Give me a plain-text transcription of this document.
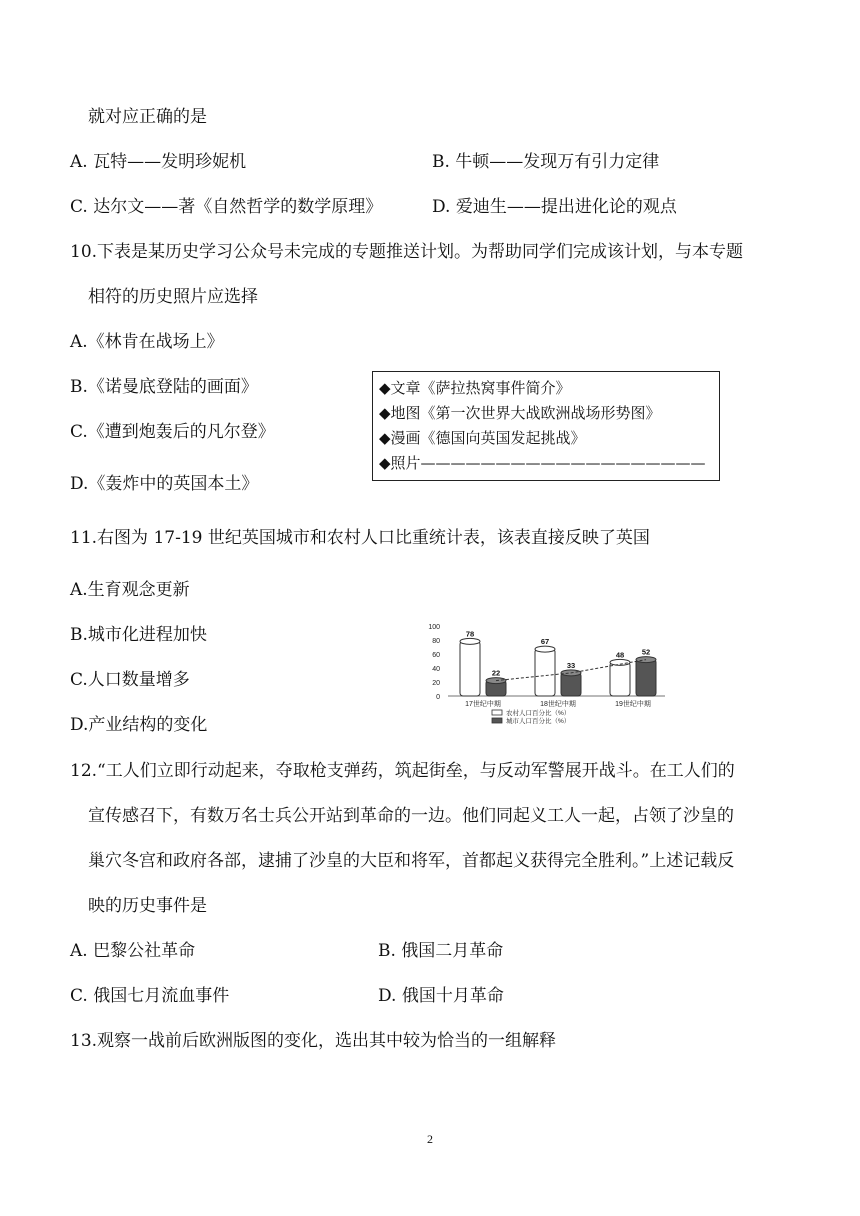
就对应正确的是
A. 瓦特——发明珍妮机	B. 牛顿——发现万有引力定律
C. 达尔文——著《自然哲学的数学原理》	D. 爱迪生——提出进化论的观点
10.下表是某历史学习公众号未完成的专题推送计划。为帮助同学们完成该计划，与本专题
相符的历史照片应选择
A.《林肯在战场上》
B.《诺曼底登陆的画面》
C.《遭到炮轰后的凡尔登》
D.《轰炸中的英国本土》
◆文章《萨拉热窝事件简介》
◆地图《第一次世界大战欧洲战场形势图》
◆漫画《德国向英国发起挑战》
◆照片———————————————————
11.右图为 17-19 世纪英国城市和农村人口比重统计表，该表直接反映了英国
A.生育观念更新
B.城市化进程加快
C.人口数量增多
D.产业结构的变化
0
20
40
60
80
100
78
22
17世纪中期
67
33
18世纪中期
48 52
19世纪中期
农村人口百分比（%）
城市人口百分比（%）
12.“工人们立即行动起来，夺取枪支弹药，筑起街垒，与反动军警展开战斗。在工人们的
宣传感召下，有数万名士兵公开站到革命的一边。他们同起义工人一起，占领了沙皇的
巢穴冬宫和政府各部，逮捕了沙皇的大臣和将军，首都起义获得完全胜利。”上述记载反
映的历史事件是
A. 巴黎公社革命	B. 俄国二月革命
C. 俄国七月流血事件	D. 俄国十月革命
13.观察一战前后欧洲版图的变化，选出其中较为恰当的一组解释
2
